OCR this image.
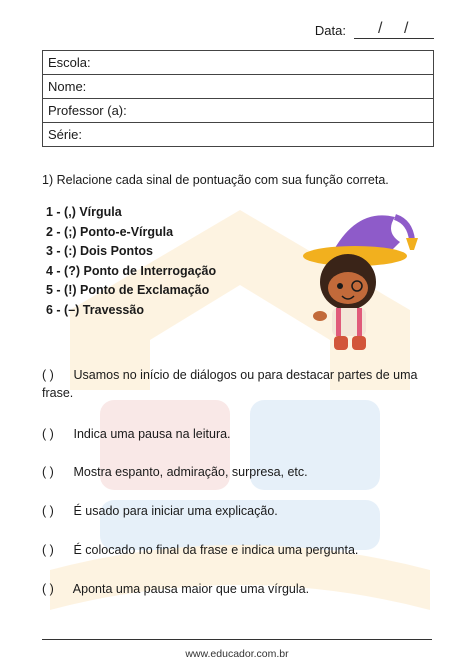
Data: / /
Escola:
Nome:
Professor (a):
Série:
1) Relacione cada sinal de pontuação com sua função correta.
1 - (,) Vírgula
2 - (;) Ponto-e-Vírgula
3 - (:) Dois Pontos
4 - (?) Ponto de Interrogação
5 - (!) Ponto de Exclamação
6 - (–) Travessão
( ) Usamos no início de diálogos ou para destacar partes de uma frase.
( ) Indica uma pausa na leitura.
( ) Mostra espanto, admiração, surpresa, etc.
( ) É usado para iniciar uma explicação.
( ) É colocado no final da frase e indica uma pergunta.
( ) Aponta uma pausa maior que uma vírgula.
www.educador.com.br
